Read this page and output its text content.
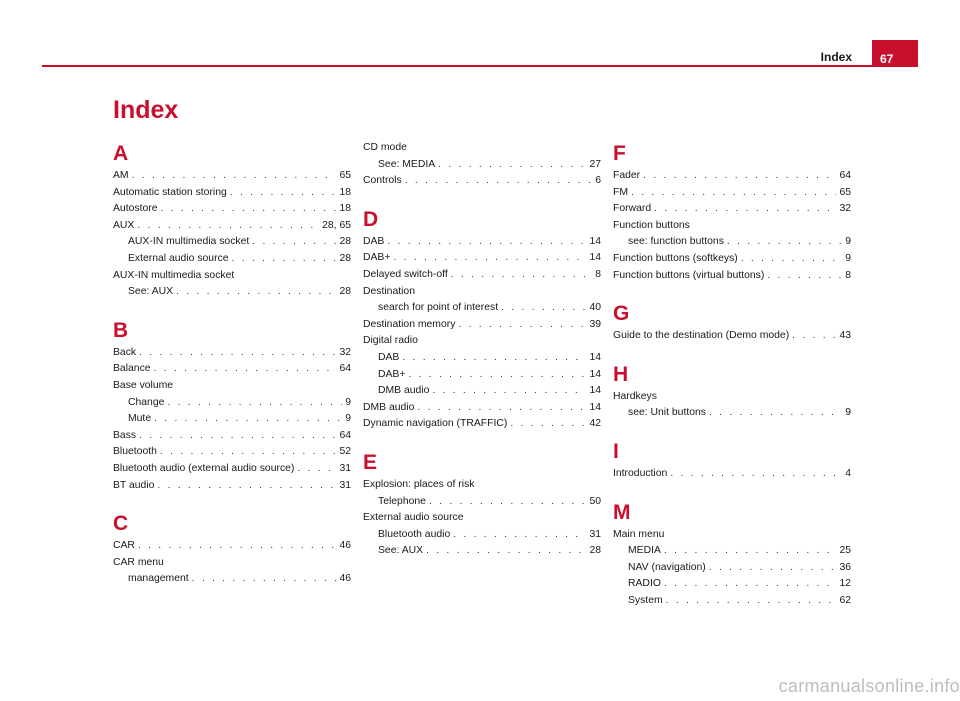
Index	67
Index
A
AM . . .	65
Automatic station storing . . .	18
Autostore . . .	18
AUX . . .	28, 65
AUX-IN multimedia socket . . .	28
External audio source . . .	28
AUX-IN multimedia socket
See: AUX . . .	28
B
Back . . .	32
Balance . . .	64
Base volume
Change . . .	9
Mute . . .	9
Bass . . .	64
Bluetooth . . .	52
Bluetooth audio (external audio source) . . .	31
BT audio . . .	31
C
CAR . . .	46
CAR menu
management . . .	46
CD mode
See: MEDIA . . .	27
Controls . . .	6
D
DAB . . .	14
DAB+ . . .	14
Delayed switch-off . . .	8
Destination
search for point of interest . . .	40
Destination memory . . .	39
Digital radio
DAB . . .	14
DAB+ . . .	14
DMB audio . . .	14
DMB audio . . .	14
Dynamic navigation (TRAFFIC) . . .	42
E
Explosion: places of risk
Telephone . . .	50
External audio source
Bluetooth audio . . .	31
See: AUX . . .	28
F
Fader . . .	64
FM . . .	65
Forward . . .	32
Function buttons
see: function buttons . . .	9
Function buttons (softkeys) . . .	9
Function buttons (virtual buttons) . . .	8
G
Guide to the destination (Demo mode) . . .	43
H
Hardkeys
see: Unit buttons . . .	9
I
Introduction . . .	4
M
Main menu
MEDIA . . .	25
NAV (navigation) . . .	36
RADIO . . .	12
System . . .	62
carmanualsonline.info
